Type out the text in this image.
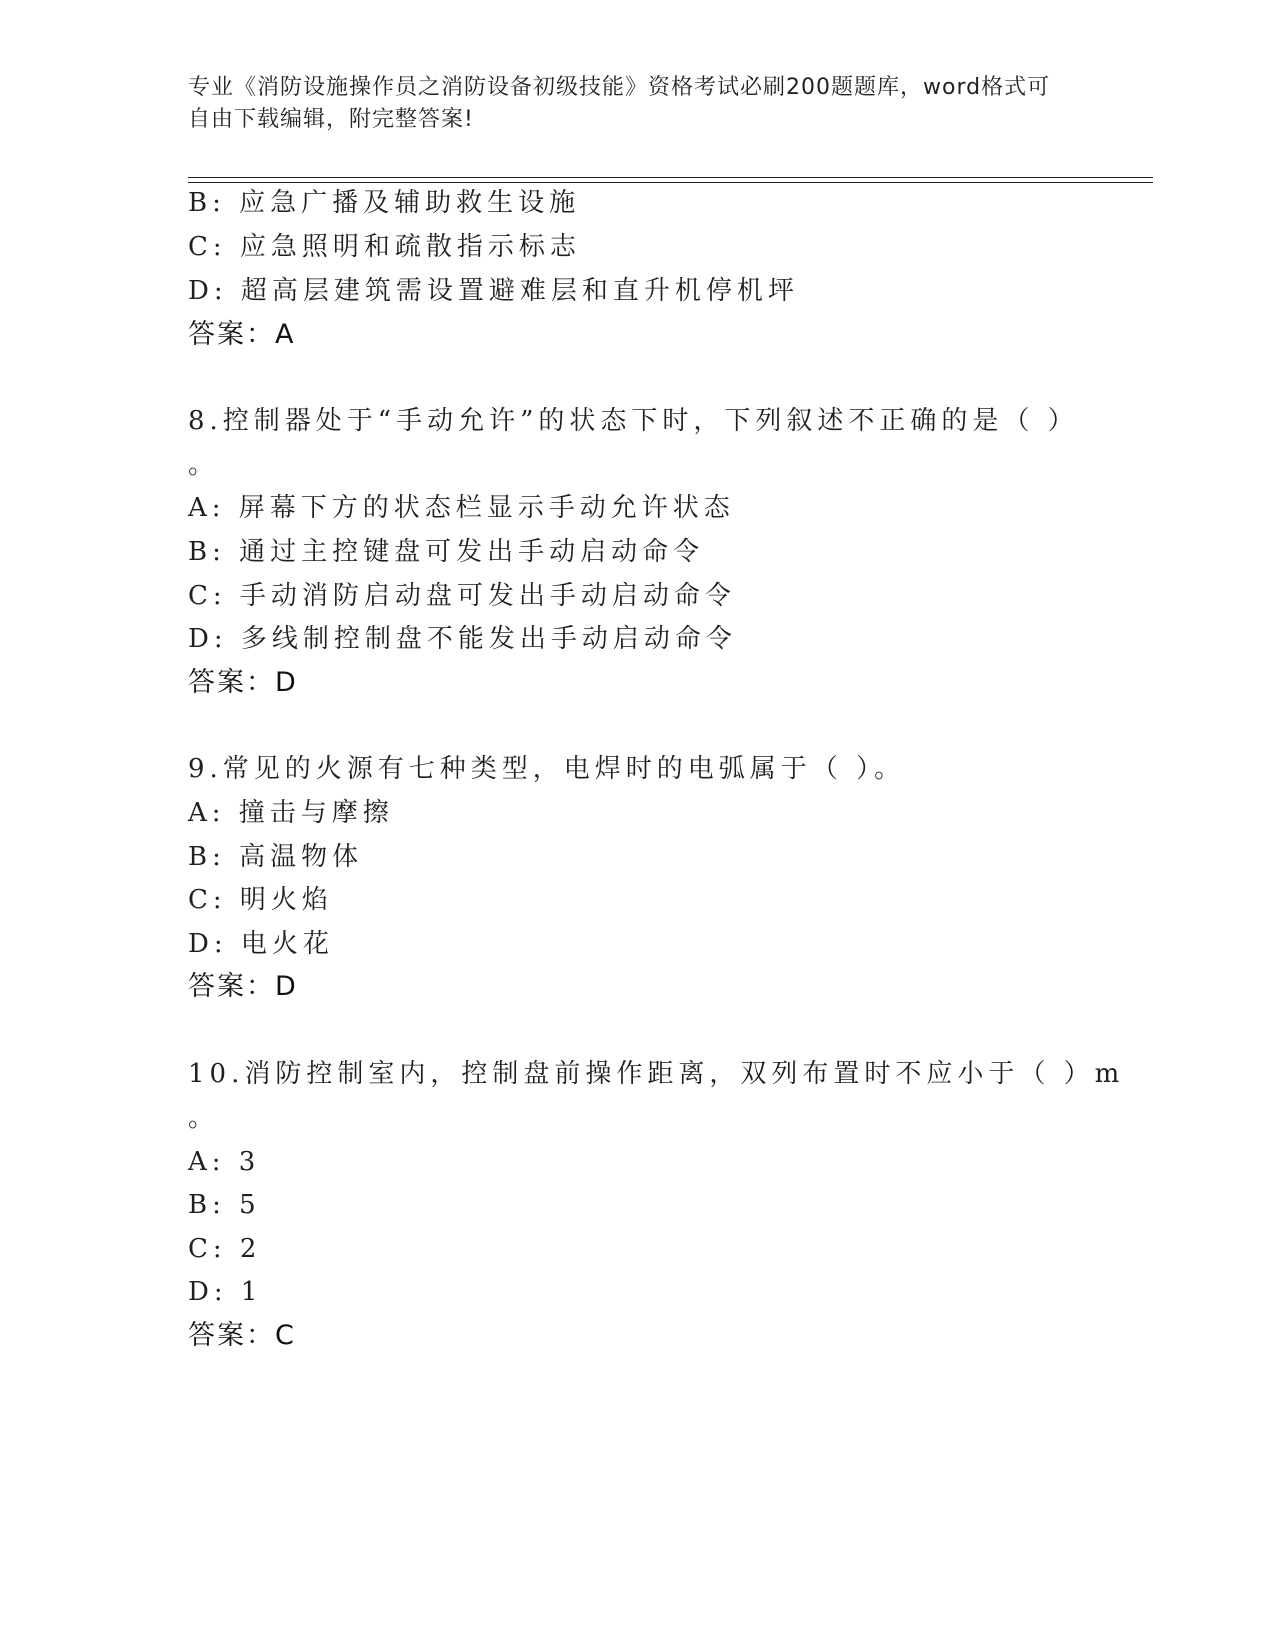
专业《消防设施操作员之消防设备初级技能》资格考试必刷200题题库，word格式可自由下载编辑，附完整答案!
B: 应急广播及辅助救生设施
C: 应急照明和疏散指示标志
D: 超高层建筑需设置避难层和直升机停机坪
答案：A
8.控制器处于“手动允许”的状态下时，下列叙述不正确的是（ ）
。
A: 屏幕下方的状态栏显示手动允许状态
B: 通过主控键盘可发出手动启动命令
C: 手动消防启动盘可发出手动启动命令
D: 多线制控制盘不能发出手动启动命令
答案：D
9.常见的火源有七种类型，电焊时的电弧属于（ ）。
A: 撞击与摩擦
B: 高温物体
C: 明火焰
D: 电火花
答案：D
10.消防控制室内，控制盘前操作距离，双列布置时不应小于（ ）m
。
A: 3
B: 5
C: 2
D: 1
答案：C
